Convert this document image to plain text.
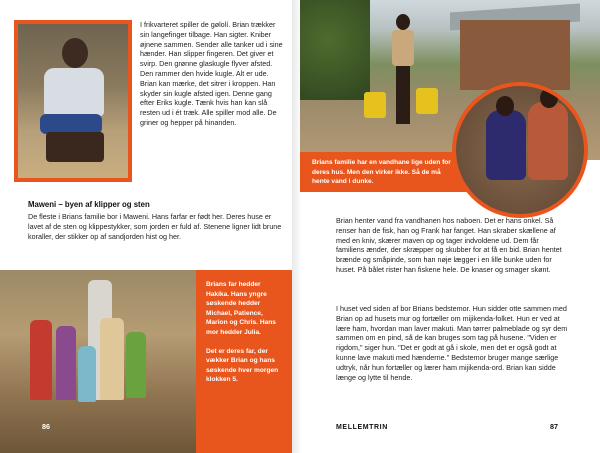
I frikvarteret spiller de gølolí. Brian trækker sin langefinger tilbage. Han sigter. Kniber øjnene sammen. Sender alle tanker ud i sine hænder. Han slipper fingeren. Det giver et svirp. Den grønne glaskugle flyver afsted. Den rammer den hvide kugle. Alt er ude. Brian kan mærke, det sitrer i kroppen. Han skyder sin kugle afsted igen. Denne gang efter Eriks kugle. Tænk hvis han kan slå resten ud i ét træk. Alle spiller mod alle. De griner og hepper på hinanden.

Maweni – byen af klipper og sten

De fleste i Brians familie bor i Maweni. Hans farfar er født her. Deres huse er lavet af de sten og klippestykker, som jorden er fuld af. Stenene ligner lidt brune koraller, der stikker op af sandjorden hist og her.

Brians far hedder Hakika. Hans yngre søskende hedder Michael, Patience, Marion og Chris. Hans mor hedder Julia.

Det er deres far, der vækker Brian og hans søskende hver morgen klokken 5.

86

Brians familie har en vandhane lige uden for deres hus. Men den virker ikke. Så de må hente vand i dunke.

Brian henter vand fra vandhanen hos naboen. Det er hans onkel. Så renser han de fisk, han og Frank har fanget. Han skraber skællene af med en kniv, skærer maven op og tager indvoldene ud. Dem får familiens ænder, der skræpper og skubber for at få en bid. Brian hentet brænde og småpinde, som han nøje lægger i en lille bunke uden for huset. På bålet rister han fiskene hele. De knaser og smager skønt.

I huset ved siden af bor Brians bedstemor. Hun sidder otte sammen med Brian op ad husets mur og fortæller om mijikenda-folket. Hun er ved at lære ham, hvordan man laver makuti. Man tørrer palmeblade og syr dem sammen om en pind, så de kan bruges som tag på husene. "Viden er rigdom," siger hun. "Det er godt at gå i skole, men det er også godt at kunne lave makuti med hænderne." Bedstemor bruger mange særlige udtryk, når hun fortæller og lærer ham mijikenda-ord. Brian kan sidde længe og lytte til hende.

MELLEMTRIN	87
